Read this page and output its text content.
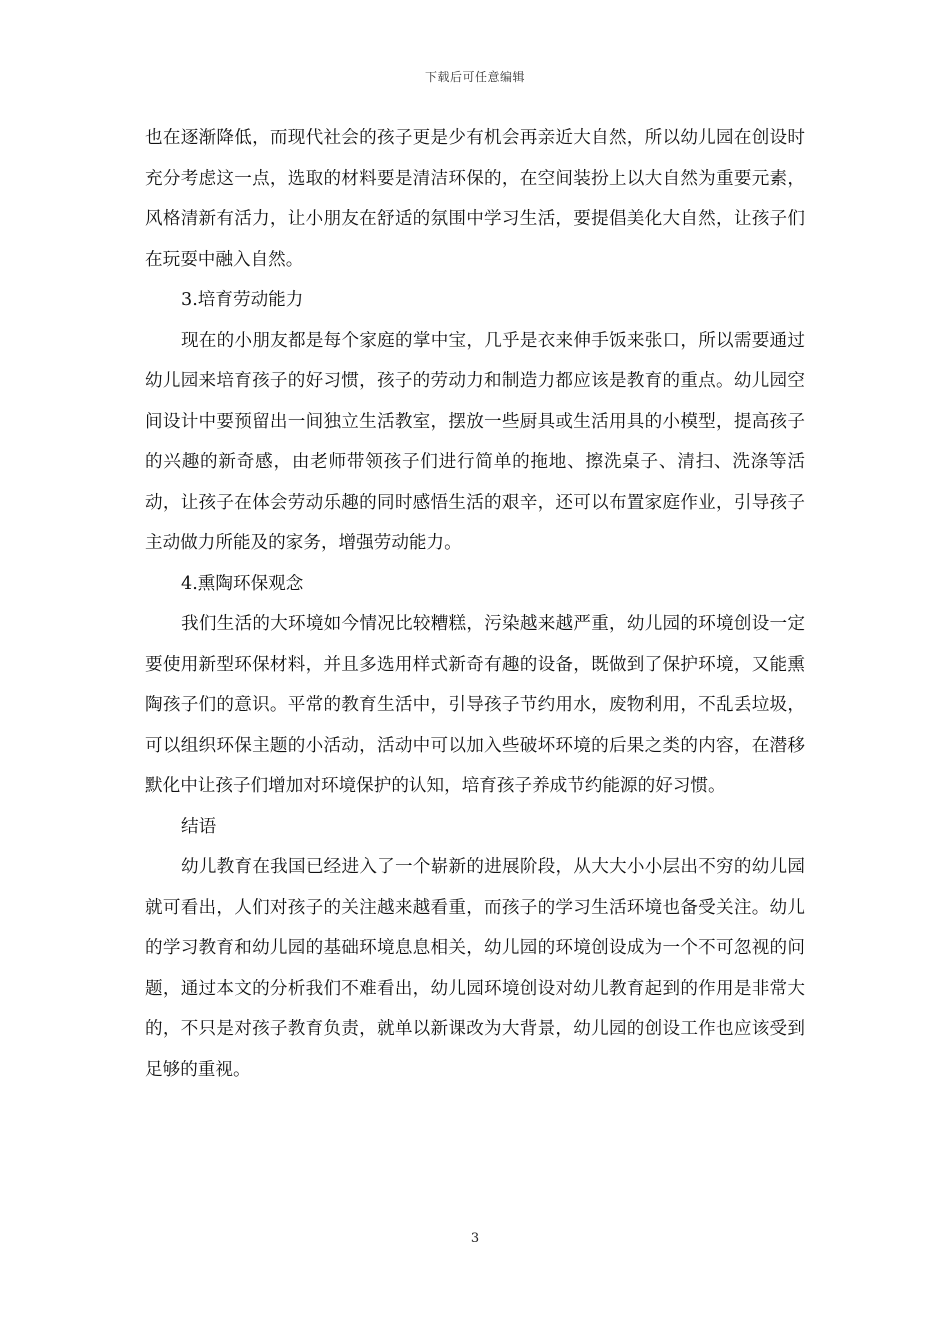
下载后可任意编辑

也在逐渐降低，而现代社会的孩子更是少有机会再亲近大自然，所以幼儿园在创设时充分考虑这一点，选取的材料要是清洁环保的，在空间装扮上以大自然为重要元素，风格清新有活力，让小朋友在舒适的氛围中学习生活，要提倡美化大自然，让孩子们在玩耍中融入自然。

3.培育劳动能力

现在的小朋友都是每个家庭的掌中宝，几乎是衣来伸手饭来张口，所以需要通过幼儿园来培育孩子的好习惯，孩子的劳动力和制造力都应该是教育的重点。幼儿园空间设计中要预留出一间独立生活教室，摆放一些厨具或生活用具的小模型，提高孩子的兴趣的新奇感，由老师带领孩子们进行简单的拖地、擦洗桌子、清扫、洗涤等活动，让孩子在体会劳动乐趣的同时感悟生活的艰辛，还可以布置家庭作业，引导孩子主动做力所能及的家务，增强劳动能力。

4.熏陶环保观念

我们生活的大环境如今情况比较糟糕，污染越来越严重，幼儿园的环境创设一定要使用新型环保材料，并且多选用样式新奇有趣的设备，既做到了保护环境，又能熏陶孩子们的意识。平常的教育生活中，引导孩子节约用水，废物利用，不乱丢垃圾，可以组织环保主题的小活动，活动中可以加入些破坏环境的后果之类的内容，在潜移默化中让孩子们增加对环境保护的认知，培育孩子养成节约能源的好习惯。

结语

幼儿教育在我国已经进入了一个崭新的进展阶段，从大大小小层出不穷的幼儿园就可看出，人们对孩子的关注越来越看重，而孩子的学习生活环境也备受关注。幼儿的学习教育和幼儿园的基础环境息息相关，幼儿园的环境创设成为一个不可忽视的问题，通过本文的分析我们不难看出，幼儿园环境创设对幼儿教育起到的作用是非常大的，不只是对孩子教育负责，就单以新课改为大背景，幼儿园的创设工作也应该受到足够的重视。

3
